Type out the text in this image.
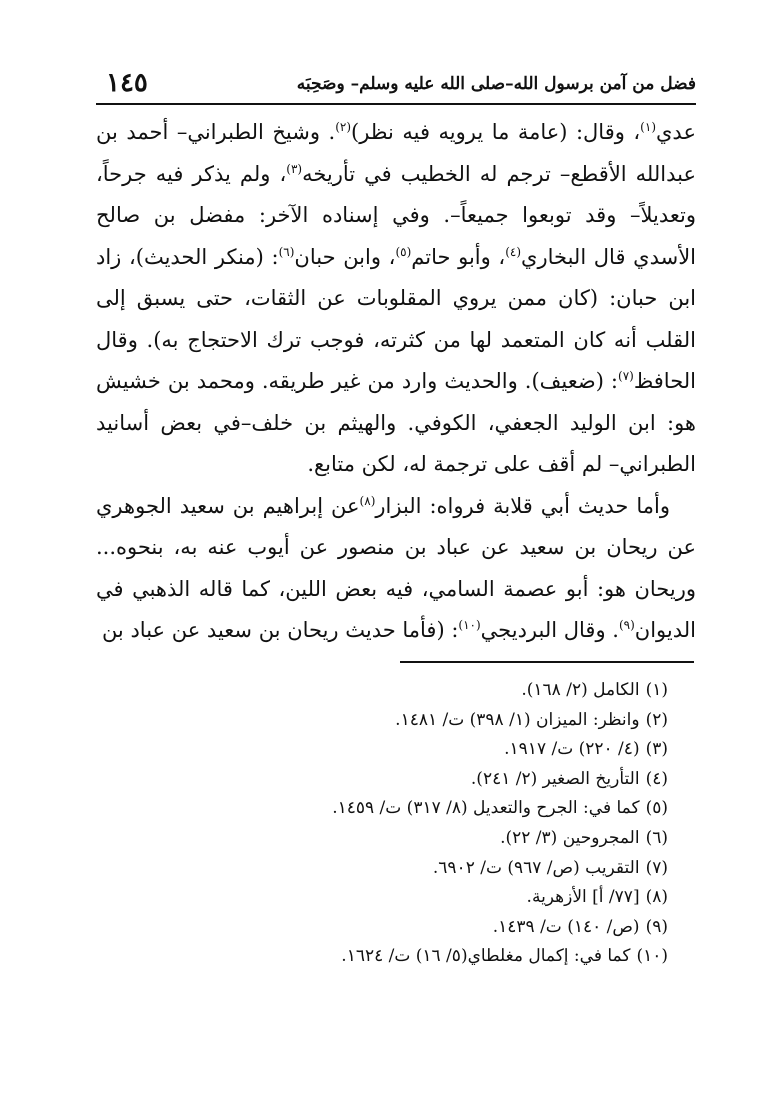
فضل من آمن برسول الله–صلى الله عليه وسلم– وصَحِبَه
١٤٥

عدي$^{(١)}$، وقال: (عامة ما يرويه فيه نظر)$^{(٢)}$. وشيخ الطبراني– أحمد بن عبدالله الأقطع– ترجم له الخطيب في تأريخه$^{(٣)}$، ولم يذكر فيه جرحاً، وتعديلاً– وقد توبعوا جميعاً–. وفي إسناده الآخر: مفضل بن صالح الأسدي قال البخاري$^{(٤)}$، وأبو حاتم$^{(٥)}$، وابن حبان$^{(٦)}$: (منكر الحديث)، زاد ابن حبان: (كان ممن يروي المقلوبات عن الثقات، حتى يسبق إلى القلب أنه كان المتعمد لها من كثرته، فوجب ترك الاحتجاج به). وقال الحافظ$^{(٧)}$: (ضعيف). والحديث وارد من غير طريقه. ومحمد بن خشيش هو: ابن الوليد الجعفي، الكوفي. والهيثم بن خلف–في بعض أسانيد الطبراني– لم أقف على ترجمة له، لكن متابع.

وأما حديث أبي قلابة فرواه: البزار$^{(٨)}$عن إبراهيم بن سعيد الجوهري عن ريحان بن سعيد عن عباد بن منصور عن أيوب عنه به، بنحوه... وريحان هو: أبو عصمة السامي، فيه بعض اللين، كما قاله الذهبي في الديوان$^{(٩)}$. وقال البرديجي$^{(١٠)}$: (فأما حديث ريحان بن سعيد عن عباد بن

(١)الكامل (٢/ ١٦٨).
(٢)وانظر: الميزان (١/ ٣٩٨) ت/ ١٤٨١.
(٣)(٤/ ٢٢٠) ت/ ١٩١٧.
(٤)التأريخ الصغير (٢/ ٢٤١).
(٥)كما في: الجرح والتعديل (٨/ ٣١٧) ت/ ١٤٥٩.
(٦)المجروحين (٣/ ٢٢).
(٧)التقريب (ص/ ٩٦٧) ت/ ٦٩٠٢.
(٨)[٧٧/ أ] الأزهرية.
(٩)(ص/ ١٤٠) ت/ ١٤٣٩.
(١٠)كما في: إكمال مغلطاي(٥/ ١٦) ت/ ١٦٢٤.
